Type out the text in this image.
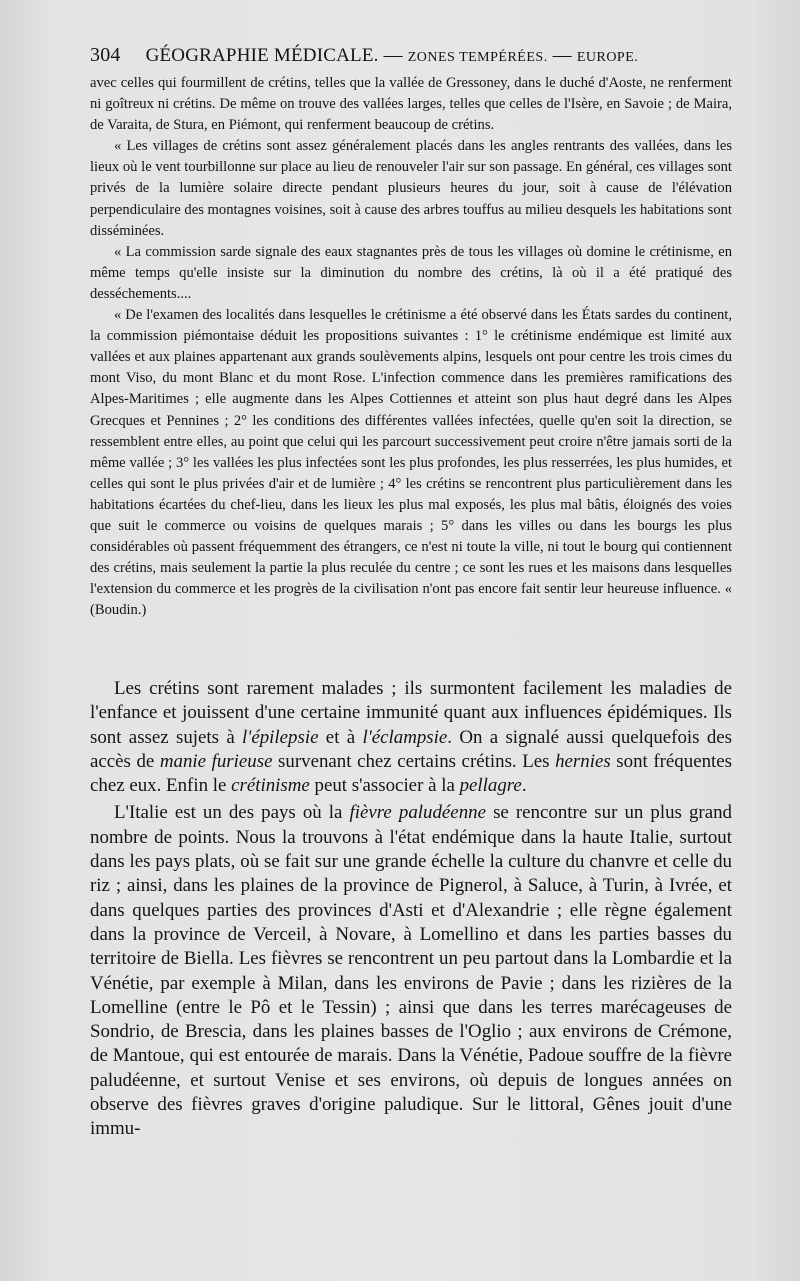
304 GÉOGRAPHIE MÉDICALE. — ZONES TEMPÉRÉES. — EUROPE.

avec celles qui fourmillent de crétins, telles que la vallée de Gressoney, dans le duché d'Aoste, ne renferment ni goîtreux ni crétins. De même on trouve des vallées larges, telles que celles de l'Isère, en Savoie ; de Maira, de Varaita, de Stura, en Piémont, qui renferment beaucoup de crétins.

« Les villages de crétins sont assez généralement placés dans les angles rentrants des vallées, dans les lieux où le vent tourbillonne sur place au lieu de renouveler l'air sur son passage. En général, ces villages sont privés de la lumière solaire directe pendant plusieurs heures du jour, soit à cause de l'élévation perpendiculaire des montagnes voisines, soit à cause des arbres touffus au milieu desquels les habitations sont disséminées.

« La commission sarde signale des eaux stagnantes près de tous les villages où domine le crétinisme, en même temps qu'elle insiste sur la diminution du nombre des crétins, là où il a été pratiqué des desséchements....

« De l'examen des localités dans lesquelles le crétinisme a été observé dans les États sardes du continent, la commission piémontaise déduit les propositions suivantes : 1° le crétinisme endémique est limité aux vallées et aux plaines appartenant aux grands soulèvements alpins, lesquels ont pour centre les trois cimes du mont Viso, du mont Blanc et du mont Rose. L'infection commence dans les premières ramifications des Alpes-Maritimes ; elle augmente dans les Alpes Cottiennes et atteint son plus haut degré dans les Alpes Grecques et Pennines ; 2° les conditions des différentes vallées infectées, quelle qu'en soit la direction, se ressemblent entre elles, au point que celui qui les parcourt successivement peut croire n'être jamais sorti de la même vallée ; 3° les vallées les plus infectées sont les plus profondes, les plus resserrées, les plus humides, et celles qui sont le plus privées d'air et de lumière ; 4° les crétins se rencontrent plus particulièrement dans les habitations écartées du chef-lieu, dans les lieux les plus mal exposés, les plus mal bâtis, éloignés des voies que suit le commerce ou voisins de quelques marais ; 5° dans les villes ou dans les bourgs les plus considérables où passent fréquemment des étrangers, ce n'est ni toute la ville, ni tout le bourg qui contiennent des crétins, mais seulement la partie la plus reculée du centre ; ce sont les rues et les maisons dans lesquelles l'extension du commerce et les progrès de la civilisation n'ont pas encore fait sentir leur heureuse influence. « (Boudin.)

Les crétins sont rarement malades ; ils surmontent facilement les maladies de l'enfance et jouissent d'une certaine immunité quant aux influences épidémiques. Ils sont assez sujets à l'épilepsie et à l'éclampsie. On a signalé aussi quelquefois des accès de manie furieuse survenant chez certains crétins. Les hernies sont fréquentes chez eux. Enfin le crétinisme peut s'associer à la pellagre.

L'Italie est un des pays où la fièvre paludéenne se rencontre sur un plus grand nombre de points. Nous la trouvons à l'état endémique dans la haute Italie, surtout dans les pays plats, où se fait sur une grande échelle la culture du chanvre et celle du riz ; ainsi, dans les plaines de la province de Pignerol, à Saluce, à Turin, à Ivrée, et dans quelques parties des provinces d'Asti et d'Alexandrie ; elle règne également dans la province de Verceil, à Novare, à Lomellino et dans les parties basses du territoire de Biella. Les fièvres se rencontrent un peu partout dans la Lombardie et la Vénétie, par exemple à Milan, dans les environs de Pavie ; dans les rizières de la Lomelline (entre le Pô et le Tessin) ; ainsi que dans les terres marécageuses de Sondrio, de Brescia, dans les plaines basses de l'Oglio ; aux environs de Crémone, de Mantoue, qui est entourée de marais. Dans la Vénétie, Padoue souffre de la fièvre paludéenne, et surtout Venise et ses environs, où depuis de longues années on observe des fièvres graves d'origine paludique. Sur le littoral, Gênes jouit d'une immu-
